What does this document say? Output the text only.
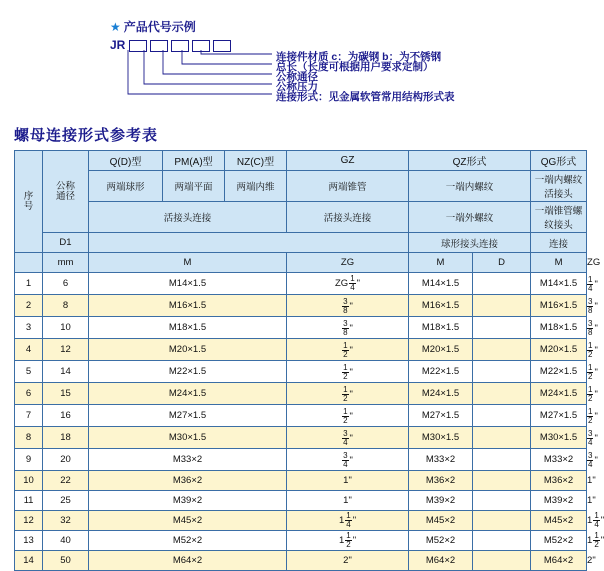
★ 产品代号示例
JR
连接件材质 c：为碳钢 b：为不锈钢
总长（长度可根据用户要求定制）
公称通径
公称压力
连接形式：见金属软管常用结构形式表
螺母连接形式参考表
序
号	公称
通径	Q(D)型	PM(A)型	NZ(C)型	GZ	QZ形式		QG形式	
		两端球形	两端平面	两端内维	两端锥管	一端内螺纹		一端内螺纹活接头	
		活接头连接			活接头连接	一端外螺纹		一端锥管螺纹接头	
	D1					球形接头连接		连接	
	mm	M			ZG	M	D	M	ZG
1	6	M14×1.5			ZG $\frac{1}{4}$ "	M14×1.5		M14×1.5	$\frac{1}{4}$ "
2	8	M16×1.5			$\frac{3}{8}$ "	M16×1.5		M16×1.5	$\frac{3}{8}$ "
3	10	M18×1.5			$\frac{3}{8}$ "	M18×1.5		M18×1.5	$\frac{3}{8}$ "
4	12	M20×1.5			$\frac{1}{2}$ "	M20×1.5		M20×1.5	$\frac{1}{2}$ "
5	14	M22×1.5			$\frac{1}{2}$ "	M22×1.5		M22×1.5	$\frac{1}{2}$ "
6	15	M24×1.5			$\frac{1}{2}$ "	M24×1.5		M24×1.5	$\frac{1}{2}$ "
7	16	M27×1.5			$\frac{1}{2}$ "	M27×1.5		M27×1.5	$\frac{1}{2}$ "
8	18	M30×1.5			$\frac{3}{4}$ "	M30×1.5		M30×1.5	$\frac{3}{4}$ "
9	20	M33×2			$\frac{3}{4}$ "	M33×2		M33×2	$\frac{3}{4}$ "
10	22	M36×2			1"	M36×2		M36×2	1"
11	25	M39×2			1"	M39×2		M39×2	1"
12	32	M45×2			$1 \frac{1}{4}$ "	M45×2		M45×2	$1 \frac{1}{4}$ "
13	40	M52×2			$1 \frac{1}{2}$ "	M52×2		M52×2	$1 \frac{1}{2}$ "
14	50	M64×2			2"	M64×2		M64×2	2"
